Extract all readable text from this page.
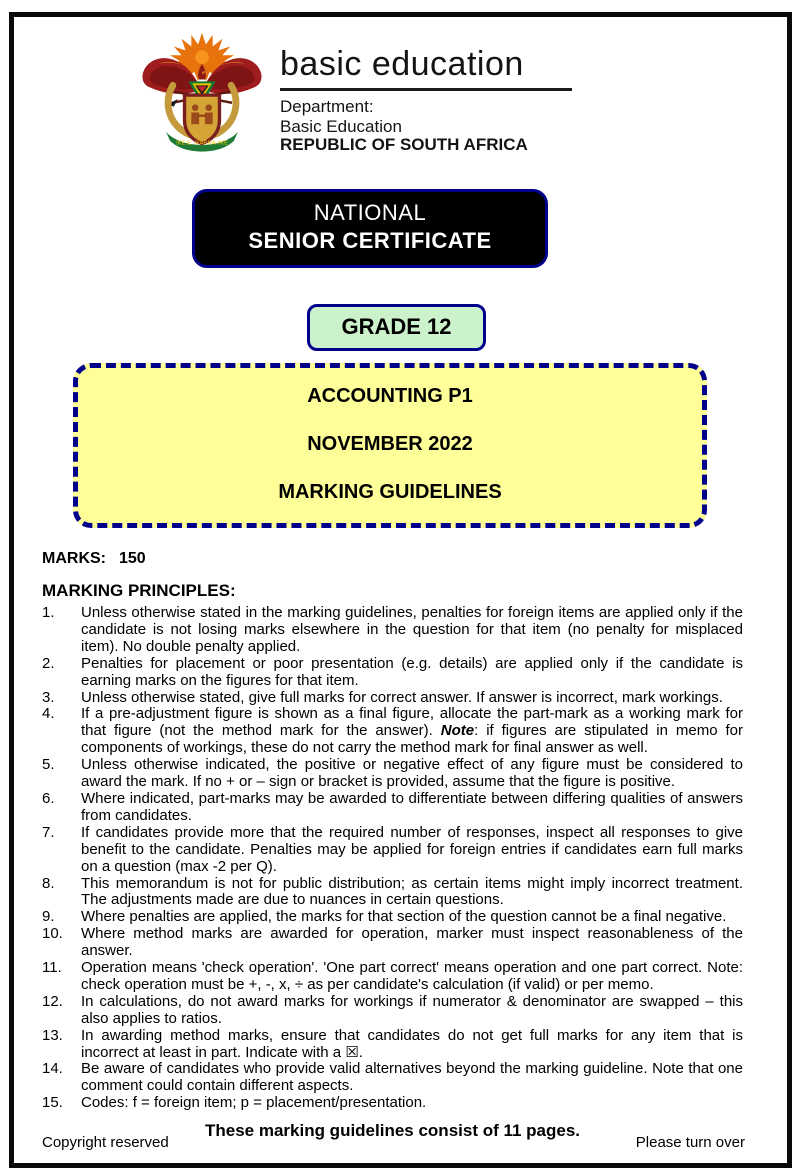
!KE E: /XARRA //KE
basic education
Department:
Basic Education
REPUBLIC OF SOUTH AFRICA
NATIONAL
SENIOR CERTIFICATE
GRADE 12
ACCOUNTING P1
NOVEMBER 2022
MARKING GUIDELINES
MARKS: 150
MARKING PRINCIPLES:
1.	Unless otherwise stated in the marking guidelines, penalties for foreign items are applied only if the candidate is not losing marks elsewhere in the question for that item (no penalty for misplaced item). No double penalty applied.
2.	Penalties for placement or poor presentation (e.g. details) are applied only if the candidate is earning marks on the figures for that item.
3.	Unless otherwise stated, give full marks for correct answer. If answer is incorrect, mark workings.
4.	If a pre-adjustment figure is shown as a final figure, allocate the part-mark as a working mark for that figure (not the method mark for the answer). Note: if figures are stipulated in memo for components of workings, these do not carry the method mark for final answer as well.
5.	Unless otherwise indicated, the positive or negative effect of any figure must be considered to award the mark. If no + or – sign or bracket is provided, assume that the figure is positive.
6.	Where indicated, part-marks may be awarded to differentiate between differing qualities of answers from candidates.
7.	If candidates provide more that the required number of responses, inspect all responses to give benefit to the candidate. Penalties may be applied for foreign entries if candidates earn full marks on a question (max -2 per Q).
8.	This memorandum is not for public distribution; as certain items might imply incorrect treatment. The adjustments made are due to nuances in certain questions.
9.	Where penalties are applied, the marks for that section of the question cannot be a final negative.
10.	Where method marks are awarded for operation, marker must inspect reasonableness of the answer.
11.	Operation means 'check operation'. 'One part correct' means operation and one part correct. Note: check operation must be +, -, x, ÷ as per candidate's calculation (if valid) or per memo.
12.	In calculations, do not award marks for workings if numerator & denominator are swapped – this also applies to ratios.
13.	In awarding method marks, ensure that candidates do not get full marks for any item that is incorrect at least in part. Indicate with a ☒.
14.	Be aware of candidates who provide valid alternatives beyond the marking guideline. Note that one comment could contain different aspects.
15.	Codes: f = foreign item; p = placement/presentation.
These marking guidelines consist of 11 pages.
Copyright reserved	Please turn over
